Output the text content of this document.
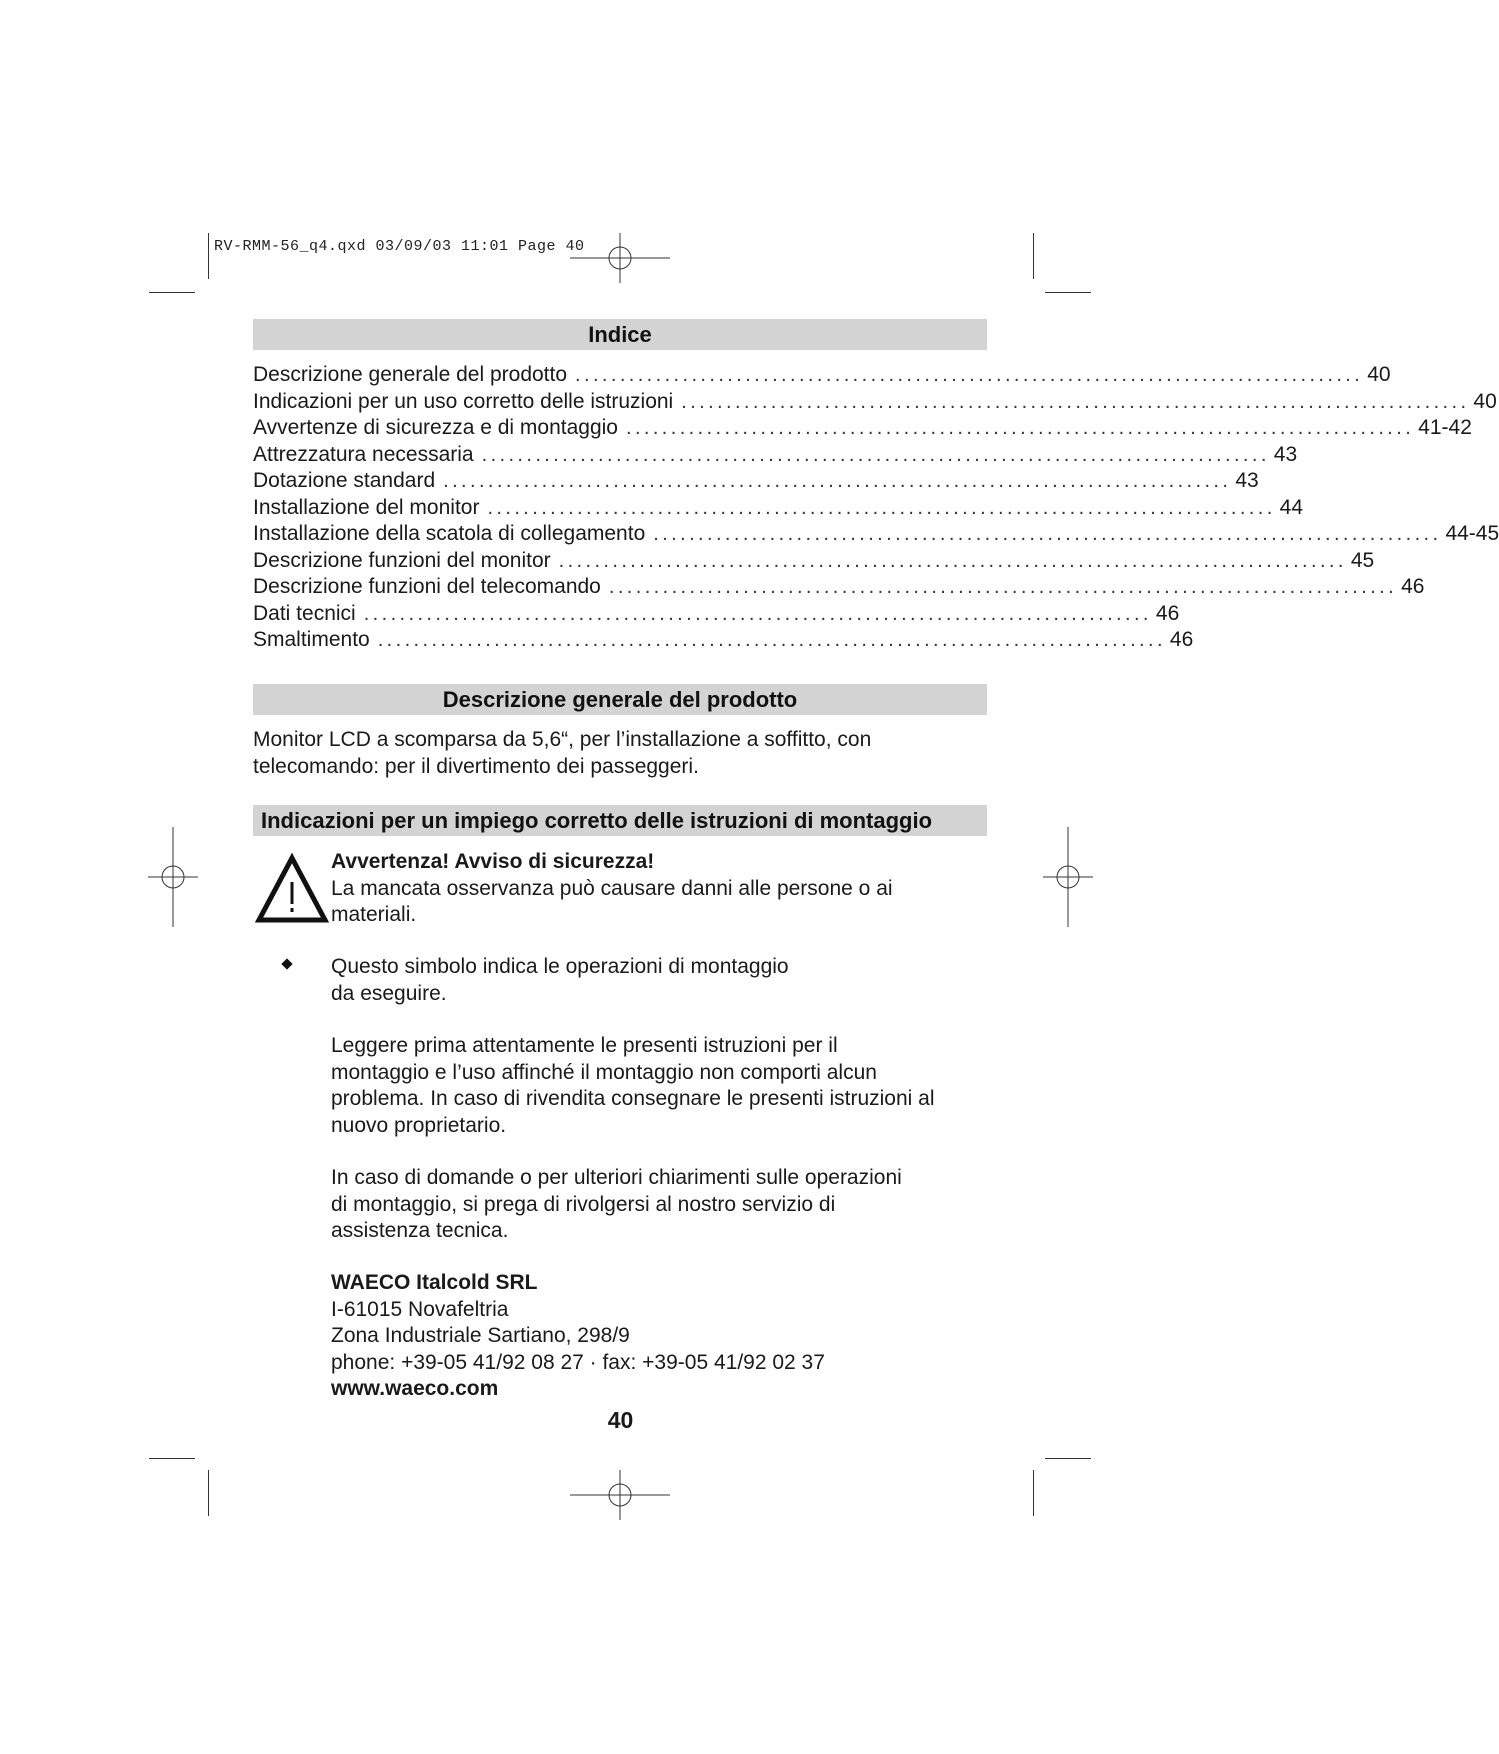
RV-RMM-56_q4.qxd 03/09/03 11:01 Page 40
Indice
Descrizione generale del prodotto ........................................................................................ 40
Indicazioni per un uso corretto delle istruzioni ........................................................................................ 40
Avvertenze di sicurezza e di montaggio ........................................................................................ 41-42
Attrezzatura necessaria ........................................................................................ 43
Dotazione standard ........................................................................................ 43
Installazione del monitor ........................................................................................ 44
Installazione della scatola di collegamento ........................................................................................ 44-45
Descrizione funzioni del monitor ........................................................................................ 45
Descrizione funzioni del telecomando ........................................................................................ 46
Dati tecnici ........................................................................................ 46
Smaltimento ........................................................................................ 46
Descrizione generale del prodotto
Monitor LCD a scomparsa da 5,6“, per l’installazione a soffitto, con
telecomando: per il divertimento dei passeggeri.
Indicazioni per un impiego corretto delle istruzioni di montaggio
Avvertenza! Avviso di sicurezza!
La mancata osservanza può causare danni alle persone o ai
materiali.
Questo simbolo indica le operazioni di montaggio
da eseguire.
Leggere prima attentamente le presenti istruzioni per il
montaggio e l’uso affinché il montaggio non comporti alcun
problema. In caso di rivendita consegnare le presenti istruzioni al
nuovo proprietario.
In caso di domande o per ulteriori chiarimenti sulle operazioni
di montaggio, si prega di rivolgersi al nostro servizio di
assistenza tecnica.
WAECO Italcold SRL
I-61015 Novafeltria
Zona Industriale Sartiano, 298/9
phone: +39-05 41/92 08 27 · fax: +39-05 41/92 02 37
www.waeco.com
40
